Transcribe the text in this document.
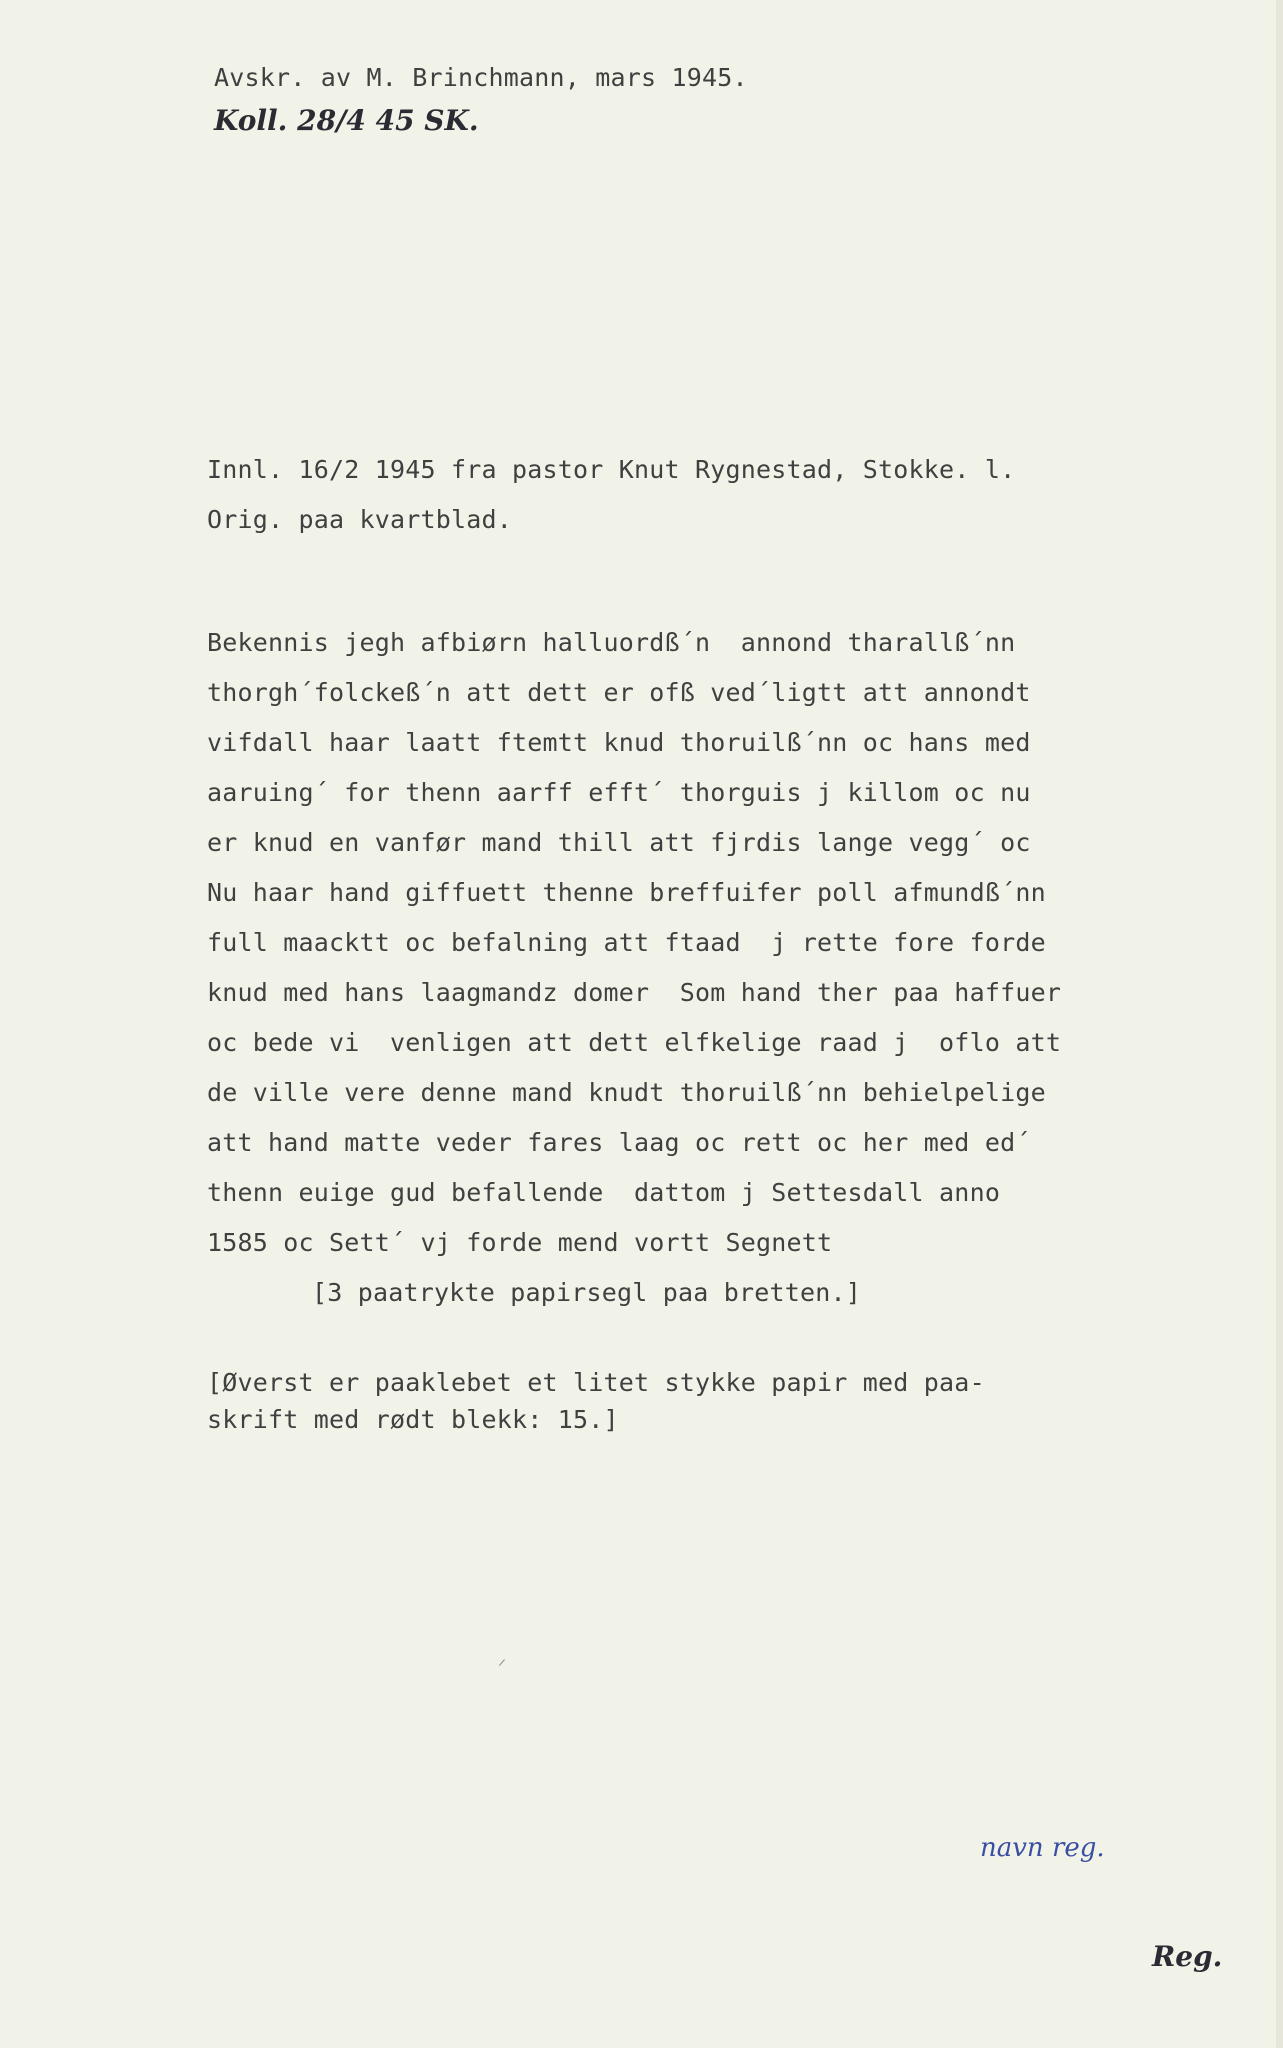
Avskr. av M. Brinchmann, mars 1945.
Koll. 28/4 45 SK.
Innl. 16/2 1945 fra pastor Knut Rygnestad, Stokke. l.
Orig. paa kvartblad.
Bekennis jegh afbiørn halluordß´n  annond tharallß´nn
thorgh´folckeß´n att dett er ofß ved´ligtt att annondt
vifdall haar laatt ftemtt knud thoruilß´nn oc hans med
aaruing´ for thenn aarff efft´ thorguis j killom oc nu
er knud en vanfør mand thill att fjrdis lange vegg´ oc
Nu haar hand giffuett thenne breffuifer poll afmundß´nn
full maacktt oc befalning att ftaad  j rette fore forde
knud med hans laagmandz domer  Som hand ther paa haffuer
oc bede vi  venligen att dett elfkelige raad j  oflo att
de ville vere denne mand knudt thoruilß´nn behielpelige
att hand matte veder fares laag oc rett oc her med ed´
thenn euige gud befallende  dattom j Settesdall anno
1585 oc Sett´ vj forde mend vortt Segnett
[3 paatrykte papirsegl paa bretten.]
[Øverst er paaklebet et litet stykke papir med paa-
skrift med rødt blekk: 15.]
navn reg.
Reg.
